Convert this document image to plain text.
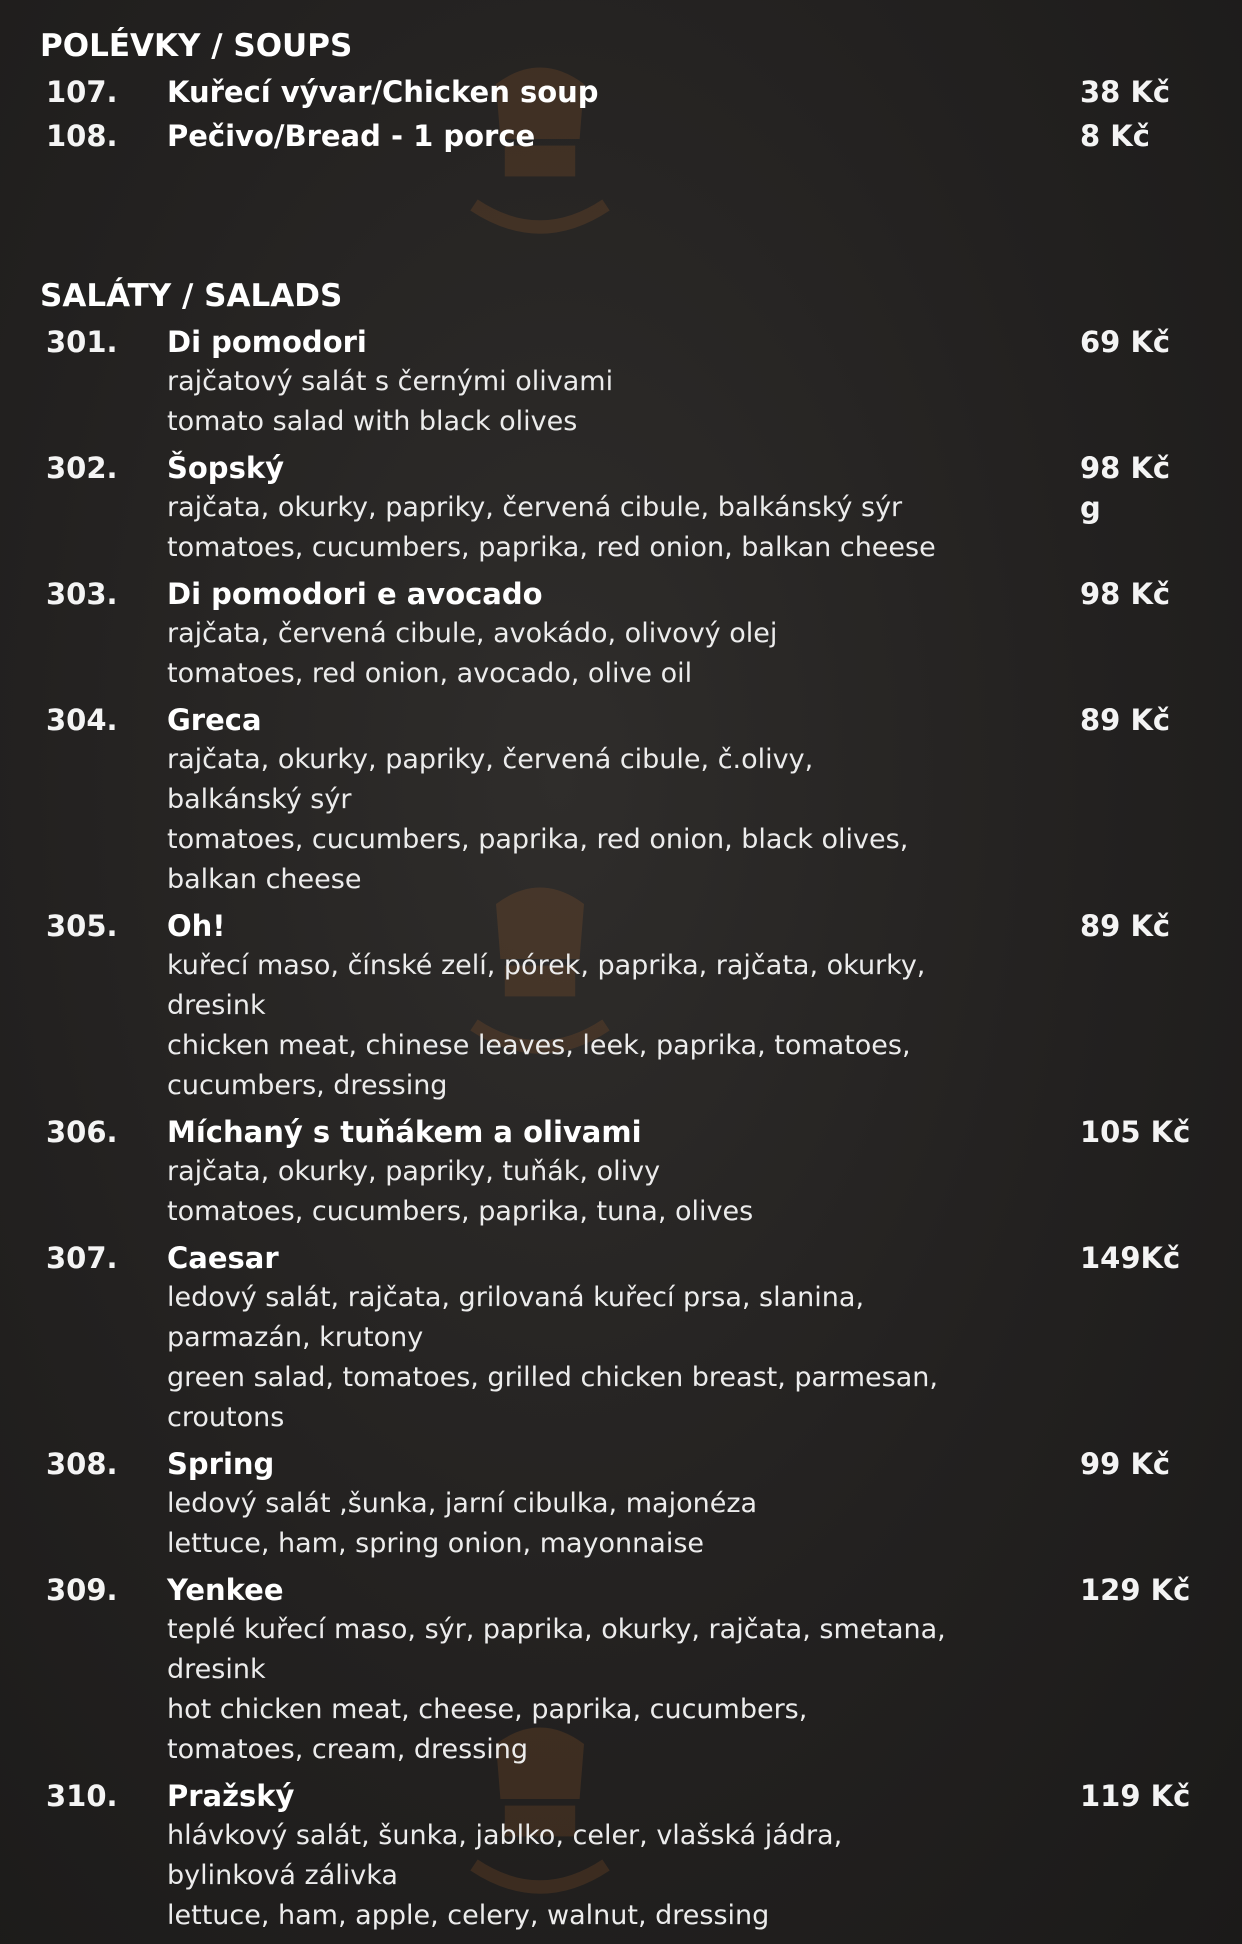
POLÉVKY / SOUPS
107. Kuřecí vývar/Chicken soup	38 Kč
108. Pečivo/Bread - 1 porce	8 Kč
SALÁTY / SALADS
301. Di pomodori

rajčatový salát s černými olivami

tomato salad with black olives

69 Kč
302. Šopský

rajčata, okurky, papriky, červená cibule, balkánský sýr

tomatoes, cucumbers, paprika, red onion, balkan cheese

98 Kč
g
303. Di pomodori e avocado

rajčata, červená cibule, avokádo, olivový olej

tomatoes, red onion, avocado, olive oil

98 Kč
304. Greca

rajčata, okurky, papriky, červená cibule, č.olivy,

balkánský sýr

tomatoes, cucumbers, paprika, red onion, black olives,

balkan cheese

89 Kč
305. Oh!

kuřecí maso, čínské zelí, pórek, paprika, rajčata, okurky,

dresink

chicken meat, chinese leaves, leek, paprika, tomatoes,

cucumbers, dressing

89 Kč
306. Míchaný s tuňákem a olivami

rajčata, okurky, papriky, tuňák, olivy

tomatoes, cucumbers, paprika, tuna, olives

105 Kč
307. Caesar

ledový salát, rajčata, grilovaná kuřecí prsa, slanina,

parmazán, krutony

green salad, tomatoes, grilled chicken breast, parmesan,

croutons

149Kč
308. Spring

ledový salát ,šunka, jarní cibulka, majonéza

lettuce, ham, spring onion, mayonnaise

99 Kč
309. Yenkee

teplé kuřecí maso, sýr, paprika, okurky, rajčata, smetana,

dresink

hot chicken meat, cheese, paprika, cucumbers,

tomatoes, cream, dressing

129 Kč
310. Pražský

hlávkový salát, šunka, jablko, celer, vlašská jádra,

bylinková zálivka

lettuce, ham, apple, celery, walnut, dressing

119 Kč
